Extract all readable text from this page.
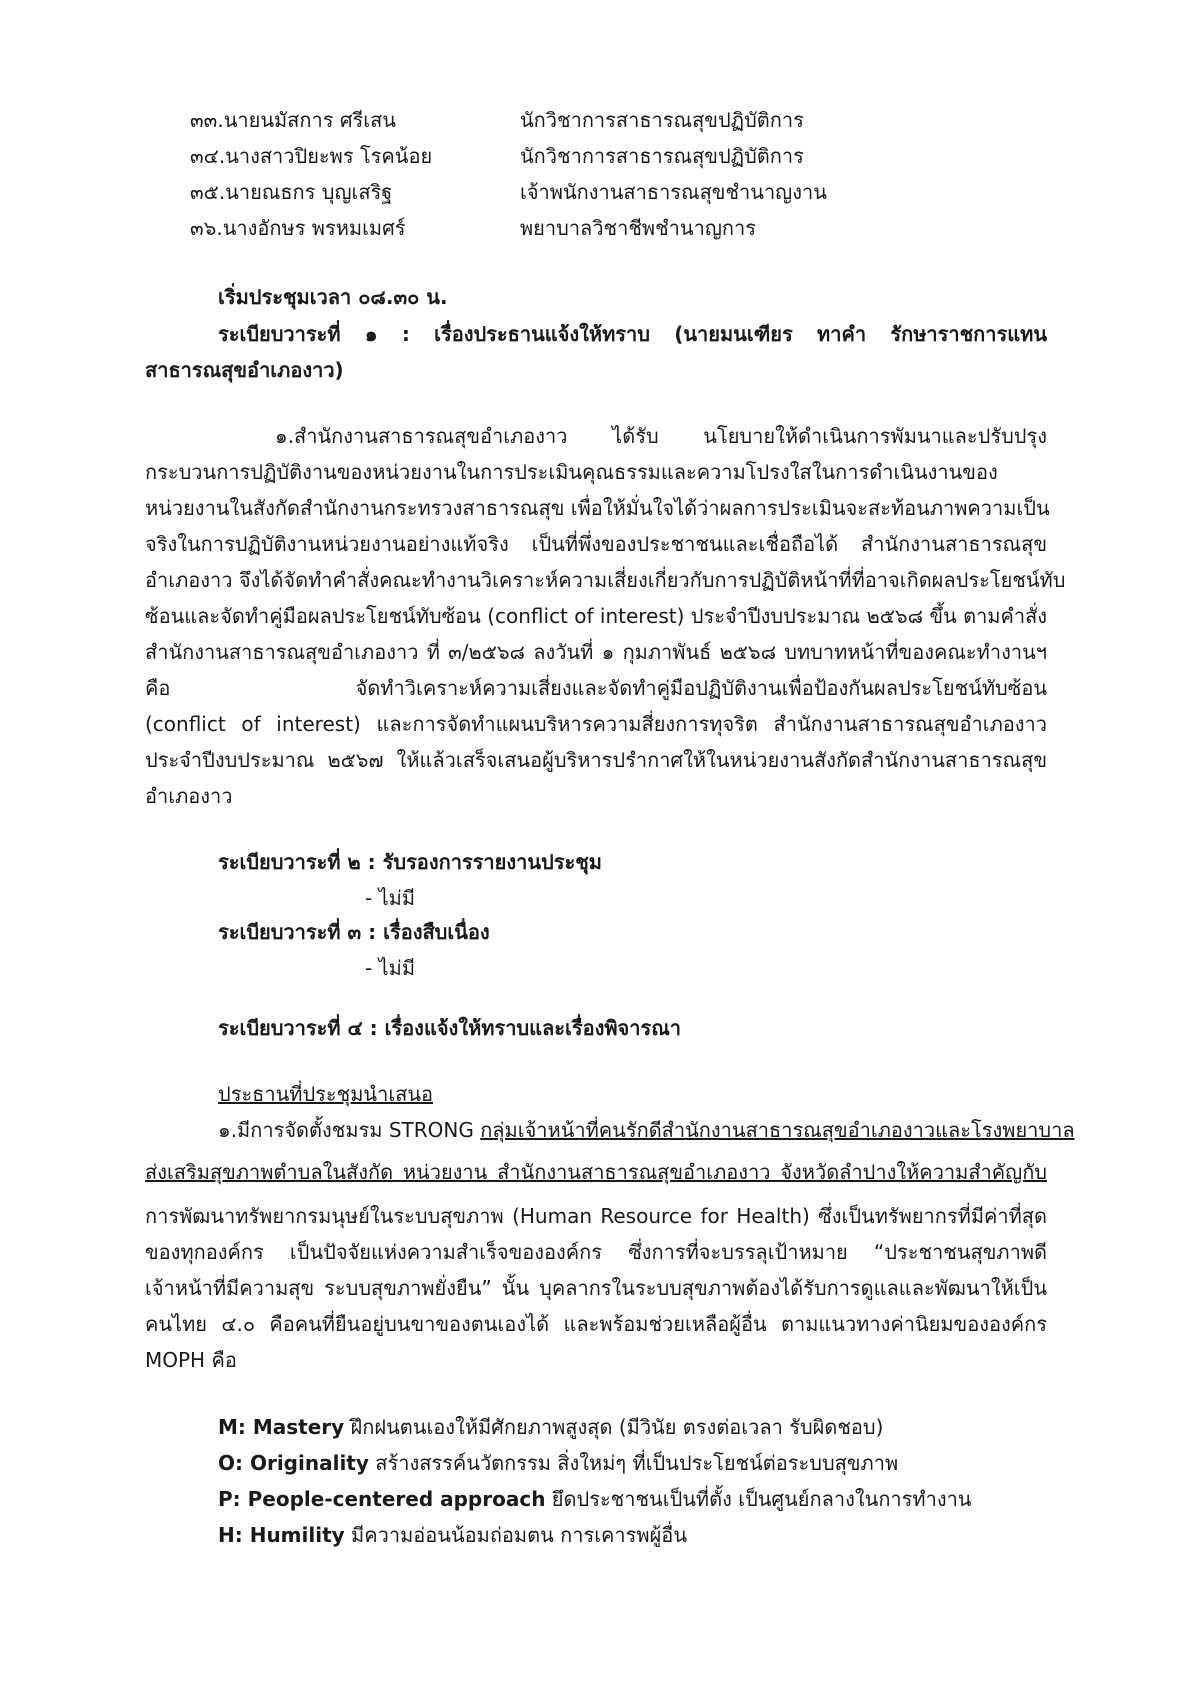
๓๓.นายนมัสการ ศรีเสน	นักวิชาการสาธารณสุขปฏิบัติการ
๓๔.นางสาวปิยะพร โรคน้อย	นักวิชาการสาธารณสุขปฏิบัติการ
๓๕.นายณธกร บุญเสริฐ	เจ้าพนักงานสาธารณสุขชำนาญงาน
๓๖.นางอักษร พรหมเมศร์	พยาบาลวิชาชีพชำนาญการ
เริ่มประชุมเวลา ๐๘.๓๐ น.
ระเบียบวาระที่ ๑ : เรื่องประธานแจ้งให้ทราบ (นายมนเฑียร ทาคำ รักษาราชการแทน
สาธารณสุขอำเภองาว)
๑.สำนักงานสาธารณสุขอำเภองาว ได้รับ นโยบายให้ดำเนินการพัมนาและปรับปรุง
กระบวนการปฏิบัติงานของหน่วยงานในการประเมินคุณธรรมและความโปรงใสในการดำเนินงานของ
หน่วยงานในสังกัดสำนักงานกระทรวงสาธารณสุข เพื่อให้มั่นใจได้ว่าผลการประเมินจะสะท้อนภาพความเป็น
จริงในการปฏิบัติงานหน่วยงานอย่างแท้จริง เป็นที่พึ่งของประชาชนและเชื่อถือได้ สำนักงานสาธารณสุข
อำเภองาว จึงได้จัดทำคำสั่งคณะทำงานวิเคราะห์ความเสี่ยงเกี่ยวกับการปฏิบัติหน้าที่ที่อาจเกิดผลประโยชน์ทับ
ซ้อนและจัดทำคู่มือผลประโยชน์ทับซ้อน (conflict of interest) ประจำปีงบประมาณ ๒๕๖๘ ขึ้น ตามคำสั่ง
สำนักงานสาธารณสุขอำเภองาว ที่ ๓/๒๕๖๘ ลงวันที่ ๑ กุมภาพันธ์ ๒๕๖๘ บทบาทหน้าที่ของคณะทำงานฯ
คือ จัดทำวิเคราะห์ความเสี่ยงและจัดทำคู่มือปฏิบัติงานเพื่อป้องกันผลประโยชน์ทับซ้อน
(conflict of interest) และการจัดทำแผนบริหารความสี่ยงการทุจริต สำนักงานสาธารณสุขอำเภองาว
ประจำปีงบประมาณ ๒๕๖๗ ให้แล้วเสร็จเสนอผู้บริหารปรำกาศให้ในหน่วยงานสังกัดสำนักงานสาธารณสุข
อำเภองาว
ระเบียบวาระที่ ๒ : รับรองการรายงานประชุม
- ไม่มี
ระเบียบวาระที่ ๓ : เรื่องสืบเนื่อง
- ไม่มี
ระเบียบวาระที่ ๔ : เรื่องแจ้งให้ทราบและเรื่องพิจารณา
ประธานที่ประชุมนำเสนอ
๑.มีการจัดตั้งชมรม STRONG กลุ่มเจ้าหน้าที่คนรักดีสำนักงานสาธารณสุขอำเภองาวและโรงพยาบาล
ส่งเสริมสุขภาพตำบลในสังกัด หน่วยงาน สำนักงานสาธารณสุขอำเภองาว จังหวัดลำปางให้ความสำคัญกับ
การพัฒนาทรัพยากรมนุษย์ในระบบสุขภาพ (Human Resource for Health) ซึ่งเป็นทรัพยากรที่มีค่าที่สุด
ของทุกองค์กร เป็นปัจจัยแห่งความสำเร็จขององค์กร ซึ่งการที่จะบรรลุเป้าหมาย “ประชาชนสุขภาพดี
เจ้าหน้าที่มีความสุข ระบบสุขภาพยั่งยืน” นั้น บุคลากรในระบบสุขภาพต้องได้รับการดูแลและพัฒนาให้เป็น
คนไทย ๔.๐ คือคนที่ยืนอยู่บนขาของตนเองได้ และพร้อมช่วยเหลือผู้อื่น ตามแนวทางค่านิยมขององค์กร
MOPH คือ
M: Mastery ฝึกฝนตนเองให้มีศักยภาพสูงสุด (มีวินัย ตรงต่อเวลา รับผิดชอบ)
O: Originality สร้างสรรค์นวัตกรรม สิ่งใหม่ๆ ที่เป็นประโยชน์ต่อระบบสุขภาพ
P: People-centered approach ยึดประชาชนเป็นที่ตั้ง เป็นศูนย์กลางในการทำงาน
H: Humility มีความอ่อนน้อมถ่อมตน การเคารพผู้อื่น
